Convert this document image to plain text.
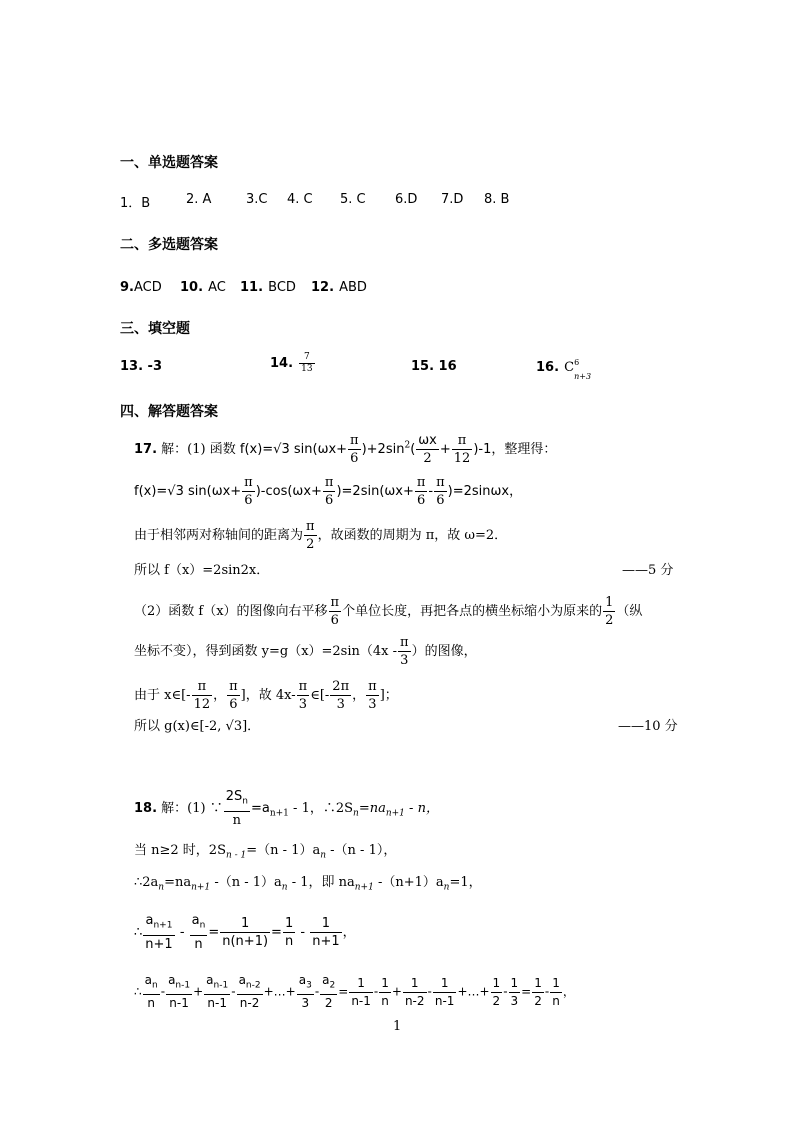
一、单选题答案
1．B	2. A	3.C 4. C 5. C 6.D 7.D 8. B
二、多选题答案
9.ACD 10. AC 11. BCD 12. ABD
三、填空题
13. -3	14. $\frac{7}{13}$	15. 16	16. C 6
n+3
四、解答题答案
17. 解：(1) 函数 f(x)=√3 $\sin(\omega x+ \frac{\pi}{6} )+2\sin^2( \frac{\omega x}{2} + \frac{\pi}{12} )-1$，整理得：
f(x)=√3 $\sin(\omega x+ \frac{\pi}{6} )-\cos(\omega x+ \frac{\pi}{6} )=2\sin(\omega x+ \frac{\pi}{6} - \frac{\pi}{6} )=2\sin\omega x$，
由于相邻两对称轴间的距离为 $\frac{\pi}{2}$ ，故函数的周期为 π，故 ω=2．
所以 f（x）=2sin2x．	——5 分
（2）函数 f（x）的图像向右平移 $\frac{\pi}{6}$ 个单位长度，再把各点的横坐标缩小为原来的 $\frac{1}{2}$ （纵
坐标不变），得到函数 $y=g(x)=2\sin(4x - \frac{\pi}{3}$ ）的图像，
由于 x∈[- $\frac{\pi}{12}$ ， $\frac{\pi}{6}$ ]，故 $4x- \frac{\pi}{3}$ ∈[- $\frac{2\pi}{3}$ ， $\frac{\pi}{3}$ ]；
所以 g(x)∈[-2, √3]．	——10 分
18. 解：(1) ∵ $\frac{2S_n}{n} =a_{n+1} - 1$，$\therefore 2S_n=na_{n+1} - n$，
当 n≥2 时，$2S_{n - 1}=(n - 1)a_n$ -（n - 1），
$\therefore 2a_n=na_{n+1}$ $-(n - 1)a_n - 1$，即 $na_{n+1}$ $-(n+1)a_n=1$，
∴ $\frac{a_{n+1}}{n+1} - \frac{a_n}{n} = \frac{1}{n(n+1)} = \frac{1}{n} - \frac{1}{n+1}$ ，
∴ $\frac{a_n}{n} - \frac{a_{n-1}}{n-1} + \frac{a_{n-1}}{n-1} - \frac{a_{n-2}}{n-2}$ +…+ $\frac{a_3}{3} - \frac{a_2}{2} = \frac{1}{n-1} - \frac{1}{n} + \frac{1}{n-2} - \frac{1}{n-1}$ +…+ $\frac{1}{2} - \frac{1}{3} = \frac{1}{2} - \frac{1}{n}$ ，
1
